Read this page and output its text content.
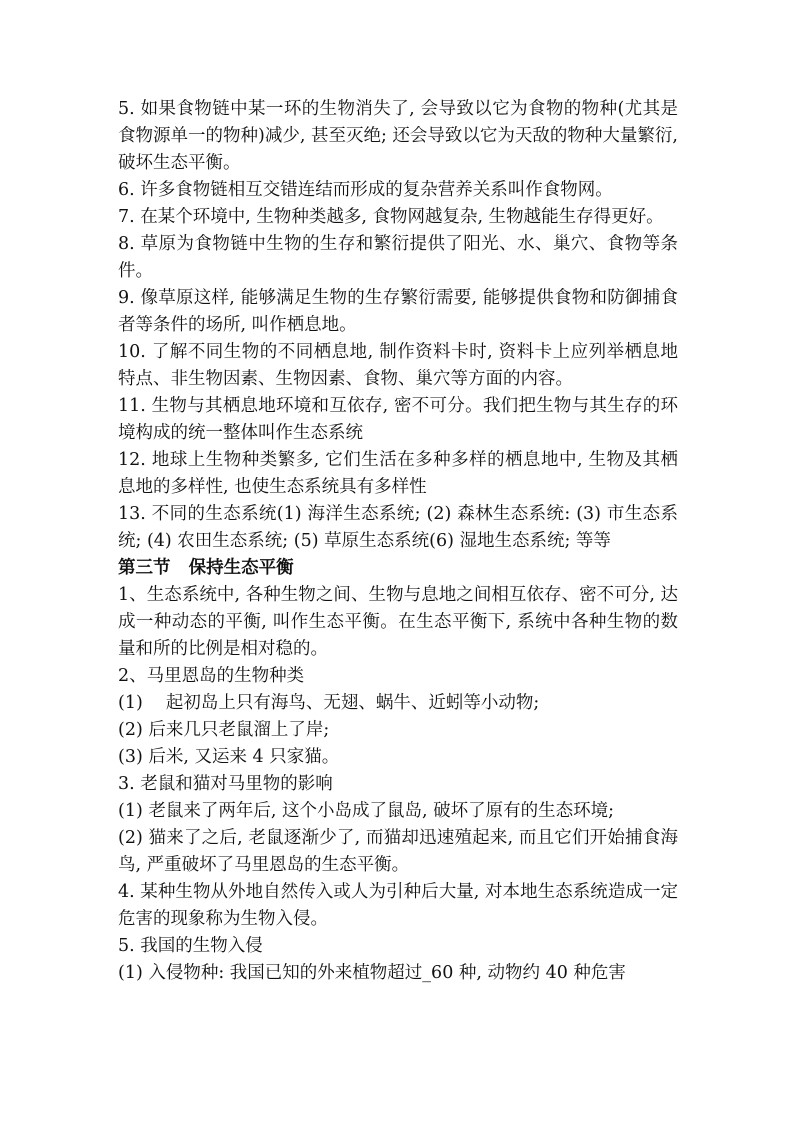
5. 如果食物链中某一环的生物消失了, 会导致以它为食物的物种(尤其是食物源单一的物种)减少, 甚至灭绝; 还会导致以它为天敌的物种大量繁衍, 破坏生态平衡。

6. 许多食物链相互交错连结而形成的复杂营养关系叫作食物网。

7. 在某个环境中, 生物种类越多, 食物网越复杂, 生物越能生存得更好。

8. 草原为食物链中生物的生存和繁衍提供了阳光、水、巢穴、食物等条件。

9. 像草原这样, 能够满足生物的生存繁衍需要, 能够提供食物和防御捕食者等条件的场所, 叫作栖息地。

10. 了解不同生物的不同栖息地, 制作资料卡时, 资料卡上应列举栖息地特点、非生物因素、生物因素、食物、巢穴等方面的内容。

11. 生物与其栖息地环境和互依存, 密不可分。我们把生物与其生存的环境构成的统一整体叫作生态系统

12. 地球上生物种类繁多, 它们生活在多种多样的栖息地中, 生物及其栖息地的多样性, 也使生态系统具有多样性

13. 不同的生态系统(1) 海洋生态系统; (2) 森林生态系统: (3) 市生态系统; (4) 农田生态系统; (5) 草原生态系统(6) 湿地生态系统; 等等

第三节 保持生态平衡

1、生态系统中, 各种生物之间、生物与息地之间相互依存、密不可分, 达成一种动态的平衡, 叫作生态平衡。在生态平衡下, 系统中各种生物的数量和所的比例是相对稳的。

2、马里恩岛的生物种类

(1)　 起初岛上只有海鸟、无翅、蜗牛、近蚓等小动物;

(2) 后来几只老鼠溜上了岸;

(3) 后米, 又运来 4 只家猫。

3. 老鼠和猫对马里物的影响

(1) 老鼠来了两年后, 这个小岛成了鼠岛, 破坏了原有的生态环境;

(2) 猫来了之后, 老鼠逐渐少了, 而猫却迅速殖起来, 而且它们开始捕食海鸟, 严重破坏了马里恩岛的生态平衡。

4. 某种生物从外地自然传入或人为引种后大量, 对本地生态系统造成一定危害的现象称为生物入侵。

5. 我国的生物入侵

(1) 入侵物种: 我国已知的外来植物超过_60 种, 动物约 40 种危害
